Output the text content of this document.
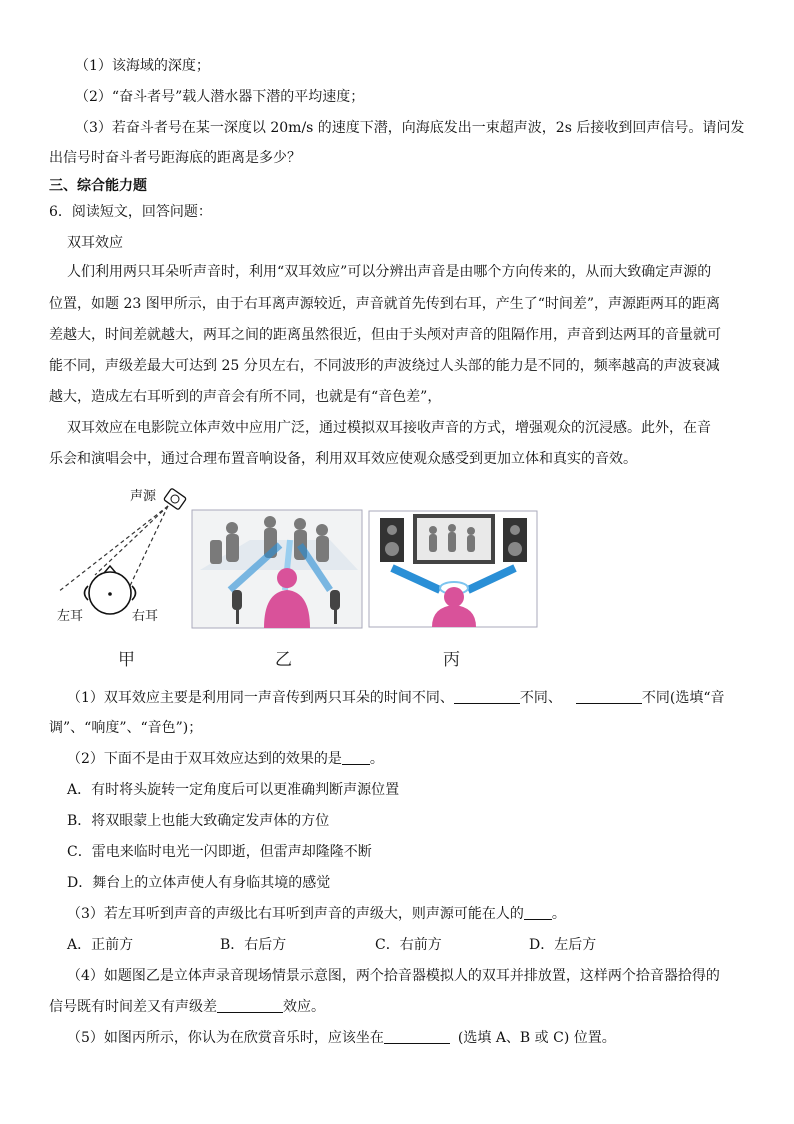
（1）该海域的深度；
（2）“奋斗者号”载人潜水器下潜的平均速度；
（3）若奋斗者号在某一深度以 20m/s 的速度下潜，向海底发出一束超声波，2s 后接收到回声信号。请问发
出信号时奋斗者号距海底的距离是多少？
三、综合能力题
6．阅读短文，回答问题：
双耳效应
人们利用两只耳朵听声音时，利用“双耳效应”可以分辨出声音是由哪个方向传来的，从而大致确定声源的
位置，如题 23 图甲所示，由于右耳离声源较近，声音就首先传到右耳，产生了“时间差”，声源距两耳的距离
差越大，时间差就越大，两耳之间的距离虽然很近，但由于头颅对声音的阻隔作用，声音到达两耳的音量就可
能不同，声级差最大可达到 25 分贝左右，不同波形的声波绕过人头部的能力是不同的，频率越高的声波衰减
越大，造成左右耳听到的声音会有所不同，也就是有“音色差”，
双耳效应在电影院立体声效中应用广泛，通过模拟双耳接收声音的方式，增强观众的沉浸感。此外，在音
乐会和演唱会中，通过合理布置音响设备，利用双耳效应使观众感受到更加立体和真实的音效。
声源
左耳	右耳
甲	乙	丙
（1）双耳效应主要是利用同一声音传到两只耳朵的时间不同、	不同、	不同(选填“音
调”、“响度”、“音色”)；
（2）下面不是由于双耳效应达到的效果的是 。
A．有时将头旋转一定角度后可以更准确判断声源位置
B．将双眼蒙上也能大致确定发声体的方位
C．雷电来临时电光一闪即逝，但雷声却隆隆不断
D．舞台上的立体声使人有身临其境的感觉
（3）若左耳听到声音的声级比右耳听到声音的声级大，则声源可能在人的 。
A．正前方	B．右后方	C．右前方	D．左后方
（4）如题图乙是立体声录音现场情景示意图，两个拾音器模拟人的双耳并排放置，这样两个拾音器拾得的
信号既有时间差又有声级差	效应。
（5）如图丙所示，你认为在欣赏音乐时，应该坐在	(选填 A、B 或 C) 位置。
